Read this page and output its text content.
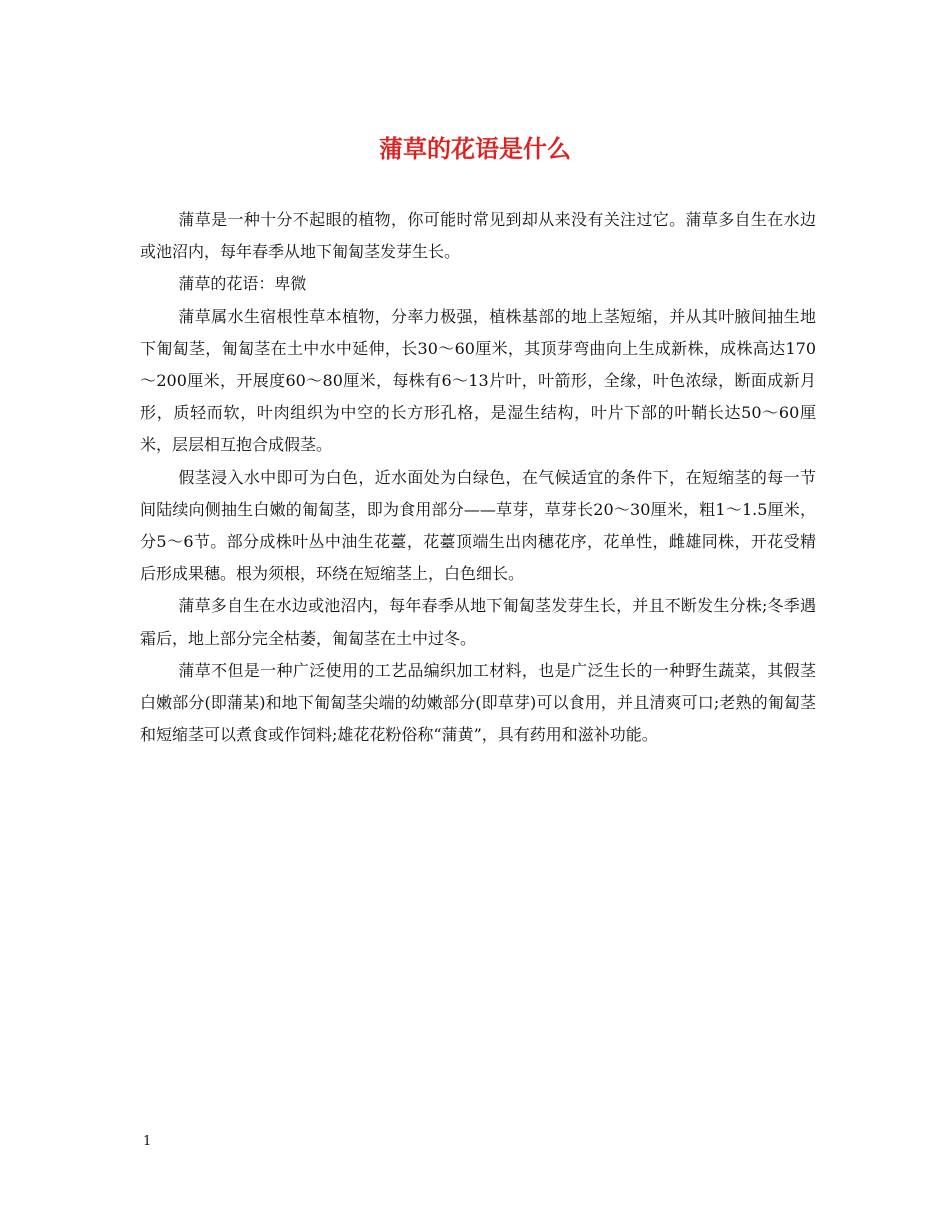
蒲草的花语是什么

蒲草是一种十分不起眼的植物，你可能时常见到却从来没有关注过它。蒲草多自生在水边或池沼内，每年春季从地下匍匐茎发芽生长。

蒲草的花语：卑微

蒲草属水生宿根性草本植物，分率力极强，植株基部的地上茎短缩，并从其叶腋间抽生地下匍匐茎，匍匐茎在土中水中延伸，长30～60厘米，其顶芽弯曲向上生成新株，成株高达170～200厘米，开展度60～80厘米，每株有6～13片叶，叶箭形，全缘，叶色浓绿，断面成新月形，质轻而软，叶肉组织为中空的长方形孔格，是湿生结构，叶片下部的叶鞘长达50～60厘米，层层相互抱合成假茎。

假茎浸入水中即可为白色，近水面处为白绿色，在气候适宜的条件下，在短缩茎的每一节间陆续向侧抽生白嫩的匍匐茎，即为食用部分——草芽，草芽长20～30厘米，粗1～1.5厘米，分5～6节。部分成株叶丛中油生花薹，花薹顶端生出肉穗花序，花单性，雌雄同株，开花受精后形成果穗。根为须根，环绕在短缩茎上，白色细长。

蒲草多自生在水边或池沼内，每年春季从地下匍匐茎发芽生长，并且不断发生分株;冬季遇霜后，地上部分完全枯萎，匍匐茎在土中过冬。

蒲草不但是一种广泛使用的工艺品编织加工材料，也是广泛生长的一种野生蔬菜，其假茎白嫩部分(即蒲某)和地下匍匐茎尖端的幼嫩部分(即草芽)可以食用，并且清爽可口;老熟的匍匐茎和短缩茎可以煮食或作饲料;雄花花粉俗称“蒲黄”，具有药用和滋补功能。

1
